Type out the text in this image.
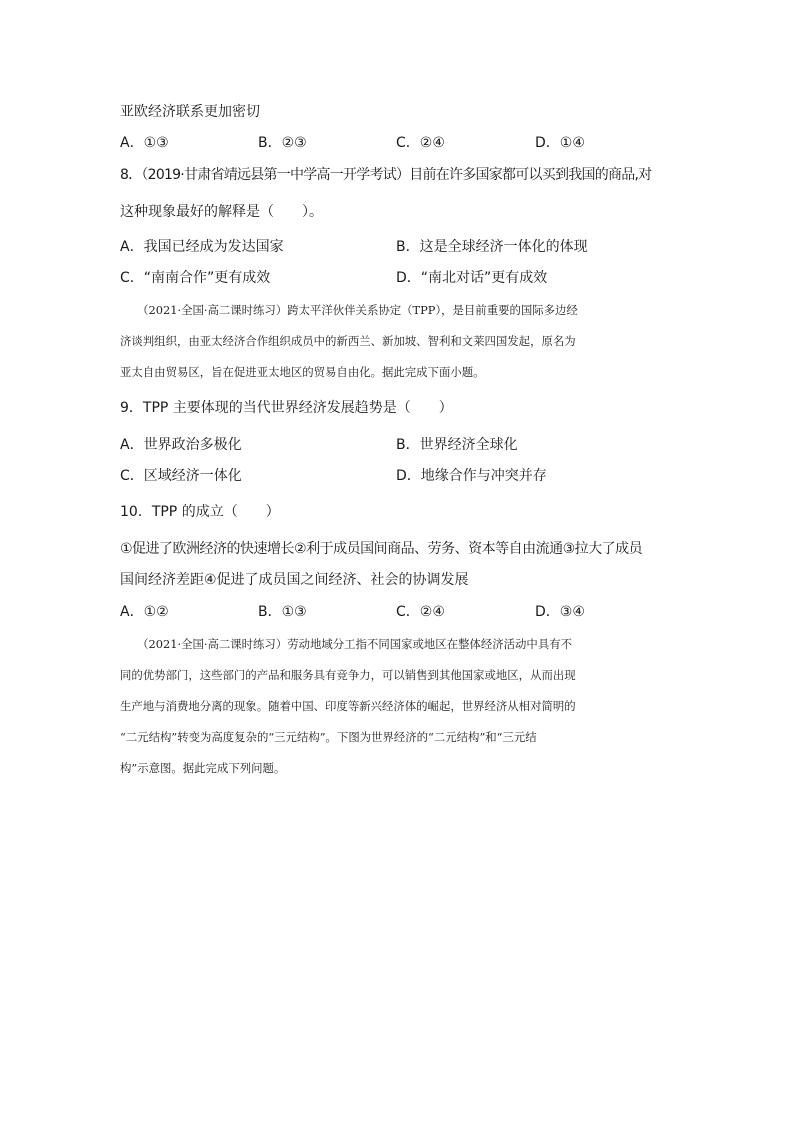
亚欧经济联系更加密切
A．①③	B．②③	C．②④	D．①④
8．（2019·甘肃省靖远县第一中学高一开学考试）目前在许多国家都可以买到我国的商品,对
这种现象最好的解释是（　　）。
A．我国已经成为发达国家	B．这是全球经济一体化的体现
C．“南南合作”更有成效	D．“南北对话”更有成效
　　（2021·全国·高二课时练习）跨太平洋伙伴关系协定（TPP），是目前重要的国际多边经
济谈判组织，由亚太经济合作组织成员中的新西兰、新加坡、智利和文莱四国发起，原名为
亚太自由贸易区，旨在促进亚太地区的贸易自由化。据此完成下面小题。
9．TPP 主要体现的当代世界经济发展趋势是（　　）
A．世界政治多极化	B．世界经济全球化
C．区域经济一体化	D．地缘合作与冲突并存
10．TPP 的成立（　　）
①促进了欧洲经济的快速增长②利于成员国间商品、劳务、资本等自由流通③拉大了成员
国间经济差距④促进了成员国之间经济、社会的协调发展
A．①②	B．①③	C．②④	D．③④
　　（2021·全国·高二课时练习）劳动地域分工指不同国家或地区在整体经济活动中具有不
同的优势部门，这些部门的产品和服务具有竞争力，可以销售到其他国家或地区，从而出现
生产地与消费地分离的现象。随着中国、印度等新兴经济体的崛起，世界经济从相对简明的
“二元结构”转变为高度复杂的“三元结构”。下图为世界经济的“二元结构”和“三元结
构”示意图。据此完成下列问题。
